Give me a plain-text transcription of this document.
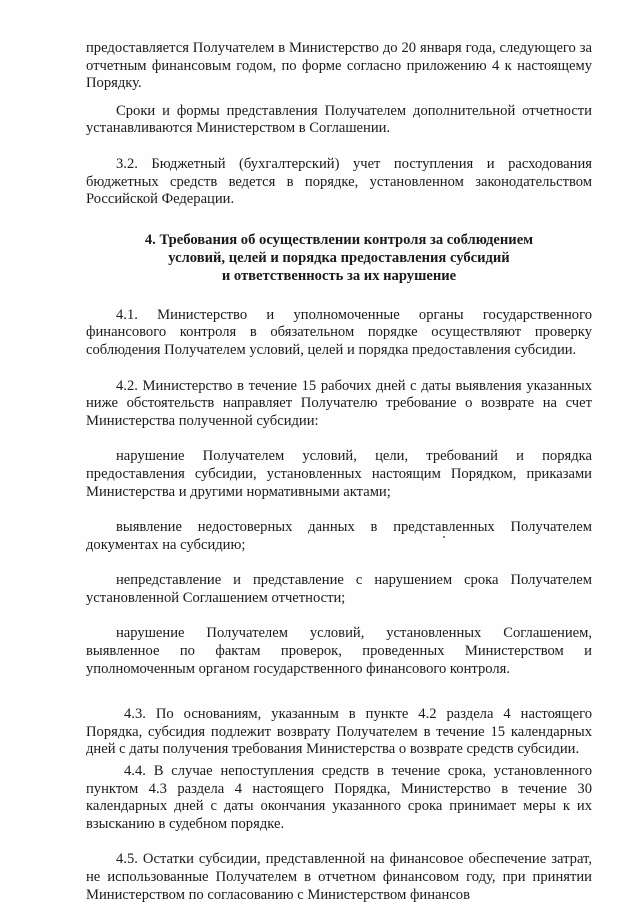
предоставляется Получателем в Министерство до 20 января года, следующего за отчетным финансовым годом, по форме согласно приложению 4 к настоящему Порядку.

Сроки и формы представления Получателем дополнительной отчетности устанавливаются Министерством в Соглашении.

3.2. Бюджетный (бухгалтерский) учет поступления и расходования бюджетных средств ведется в порядке, установленном законодательством Российской Федерации.

4. Требования об осуществлении контроля за соблюдением
условий, целей и порядка предоставления субсидий
и ответственность за их нарушение

4.1. Министерство и уполномоченные органы государственного финансового контроля в обязательном порядке осуществляют проверку соблюдения Получателем условий, целей и порядка предоставления субсидии.

4.2. Министерство в течение 15 рабочих дней с даты выявления указанных ниже обстоятельств направляет Получателю требование о возврате на счет Министерства полученной субсидии:

нарушение Получателем условий, цели, требований и порядка предоставления субсидии, установленных настоящим Порядком, приказами Министерства и другими нормативными актами;

выявление недостоверных данных в представленных Получателем документах на субсидию;

непредставление и представление с нарушением срока Получателем установленной Соглашением отчетности;

нарушение Получателем условий, установленных Соглашением, выявленное по фактам проверок, проведенных Министерством и уполномоченным органом государственного финансового контроля.

4.3. По основаниям, указанным в пункте 4.2 раздела 4 настоящего Порядка, субсидия подлежит возврату Получателем в течение 15 календарных дней с даты получения требования Министерства о возврате средств субсидии.

4.4. В случае непоступления средств в течение срока, установленного пунктом 4.3 раздела 4 настоящего Порядка, Министерство в течение 30 календарных дней с даты окончания указанного срока принимает меры к их взысканию в судебном порядке.

4.5. Остатки субсидии, представленной на финансовое обеспечение затрат, не использованные Получателем в отчетном финансовом году, при принятии Министерством по согласованию с Министерством финансов
